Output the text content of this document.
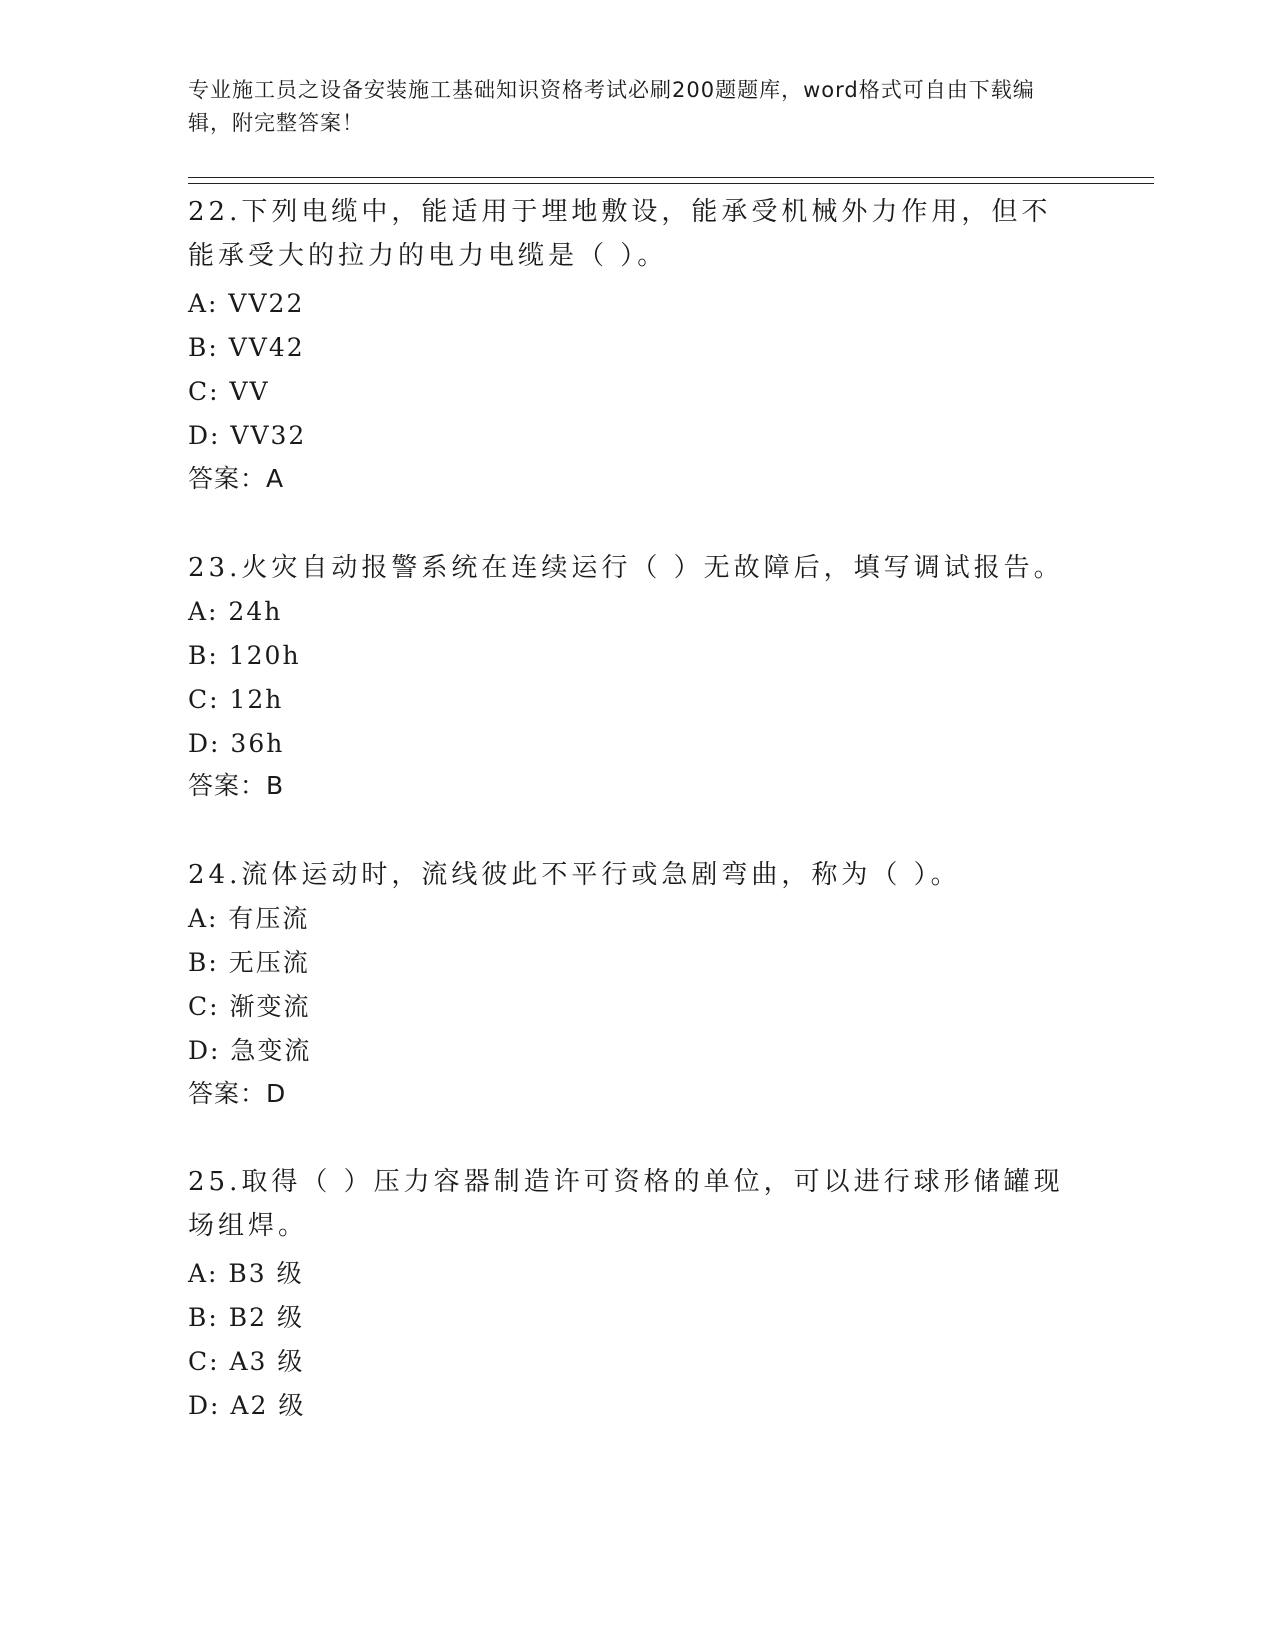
专业施工员之设备安装施工基础知识资格考试必刷200题题库，word格式可自由下载编辑，附完整答案！
22.下列电缆中，能适用于埋地敷设，能承受机械外力作用，但不能承受大的拉力的电力电缆是（ ）。
A: VV22
B: VV42
C: VV
D: VV32
答案：A
23.火灾自动报警系统在连续运行（ ）无故障后，填写调试报告。
A: 24h
B: 120h
C: 12h
D: 36h
答案：B
24.流体运动时，流线彼此不平行或急剧弯曲，称为（ ）。
A: 有压流
B: 无压流
C: 渐变流
D: 急变流
答案：D
25.取得（ ）压力容器制造许可资格的单位，可以进行球形储罐现场组焊。
A: B3 级
B: B2 级
C: A3 级
D: A2 级
